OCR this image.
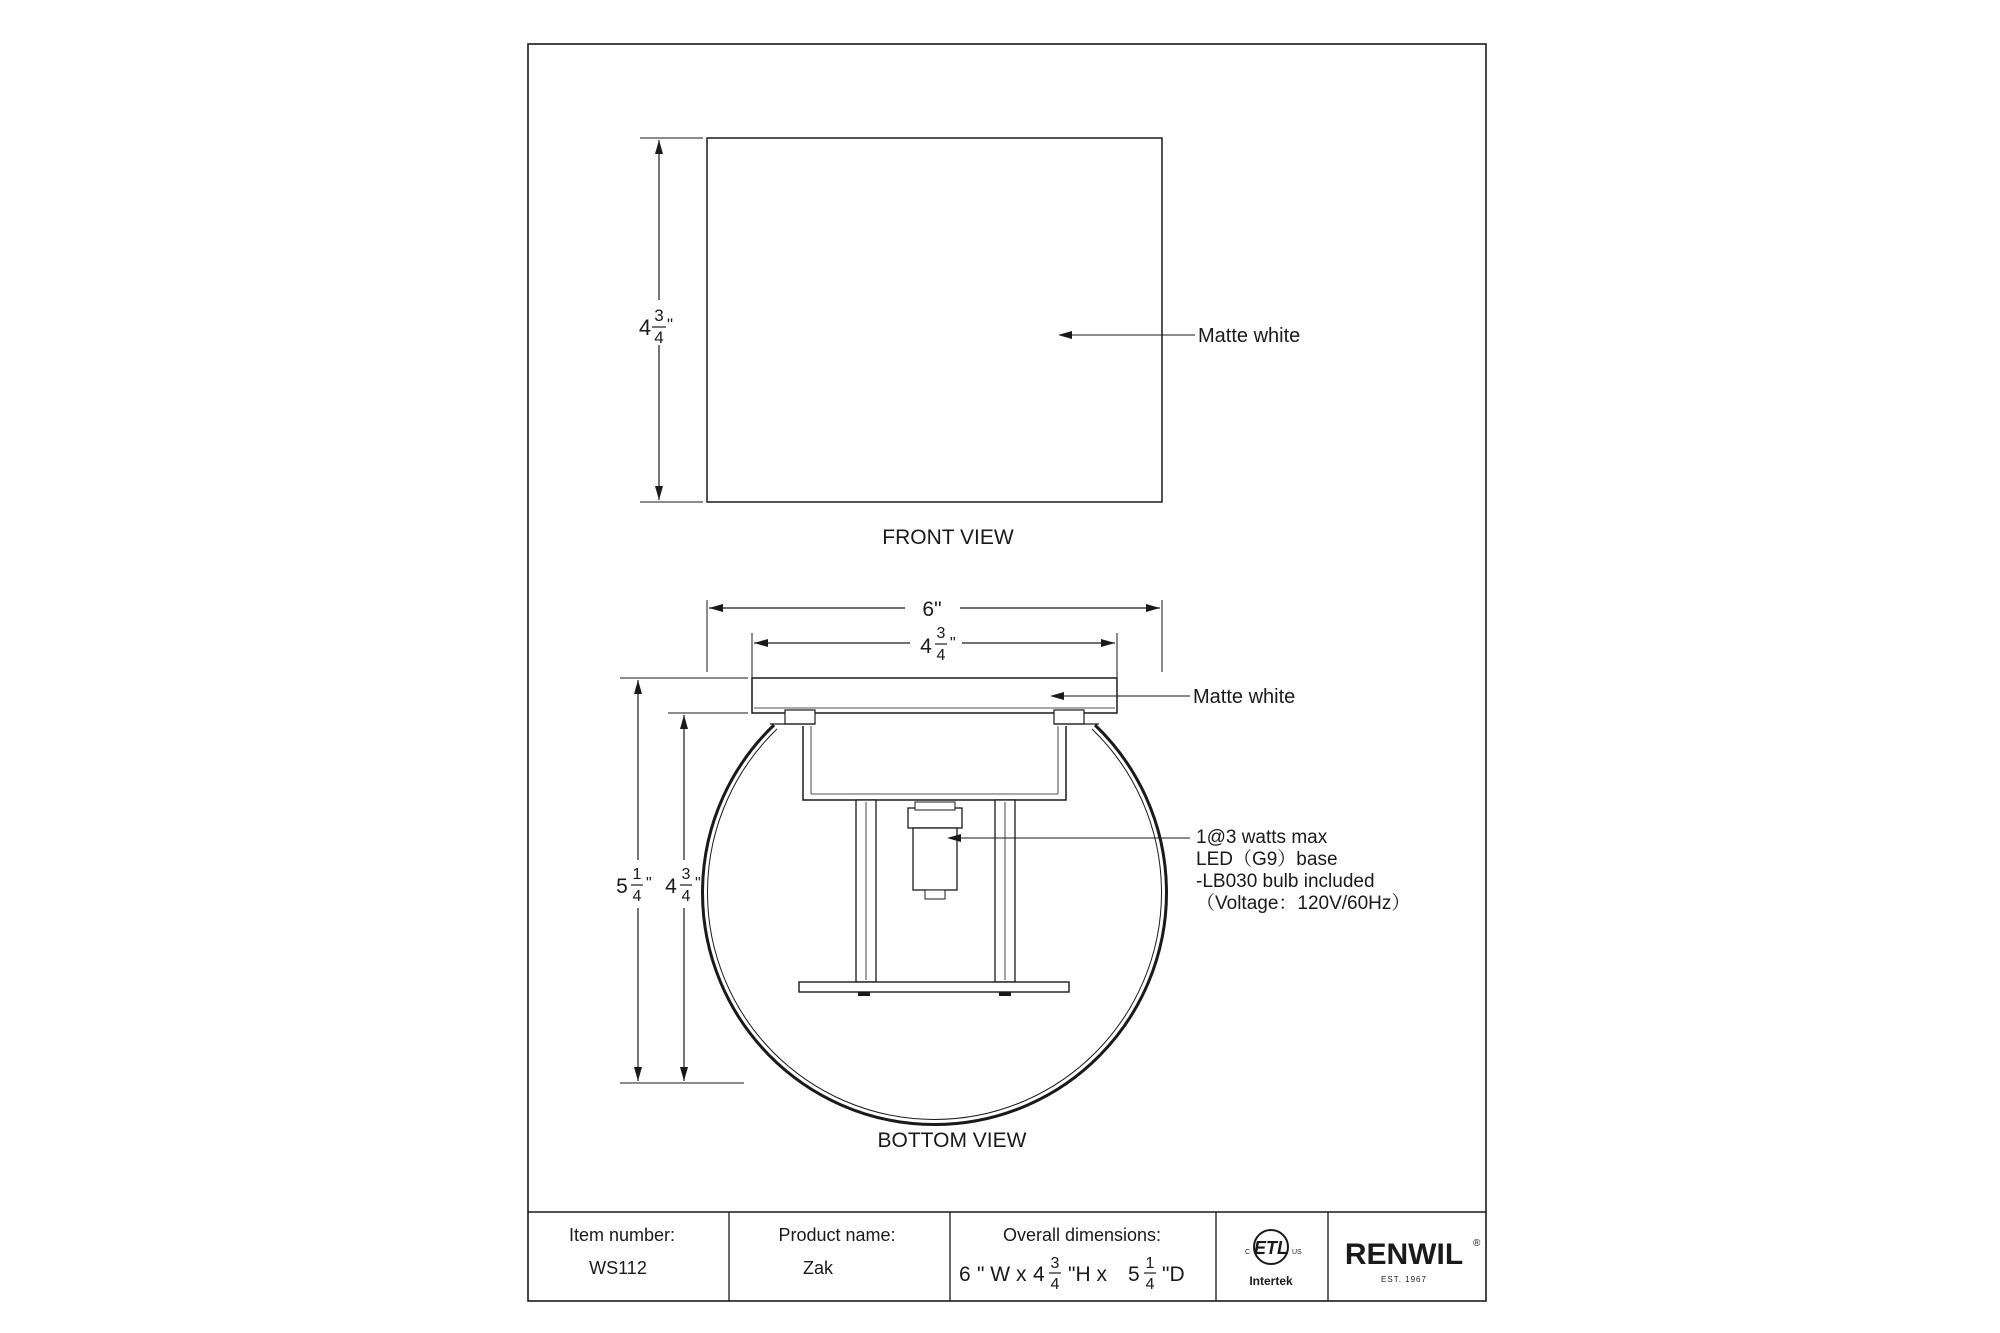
4 3
4
"
Matte white
FRONT VIEW
6"
4
3
4
"
Matte white
1@3 watts max
LED（G9）base
-LB030 bulb included
（Voltage：120V/60Hz）
5
1
4
" 4
3
4
"
BOTTOM VIEW
Item number:
WS112
Product name:
Zak
Overall dimensions:
6 " W x 4 3
4 "H x 5 1
4 "D
ETL
C	US
Intertek
RENWIL ®
EST. 1967
